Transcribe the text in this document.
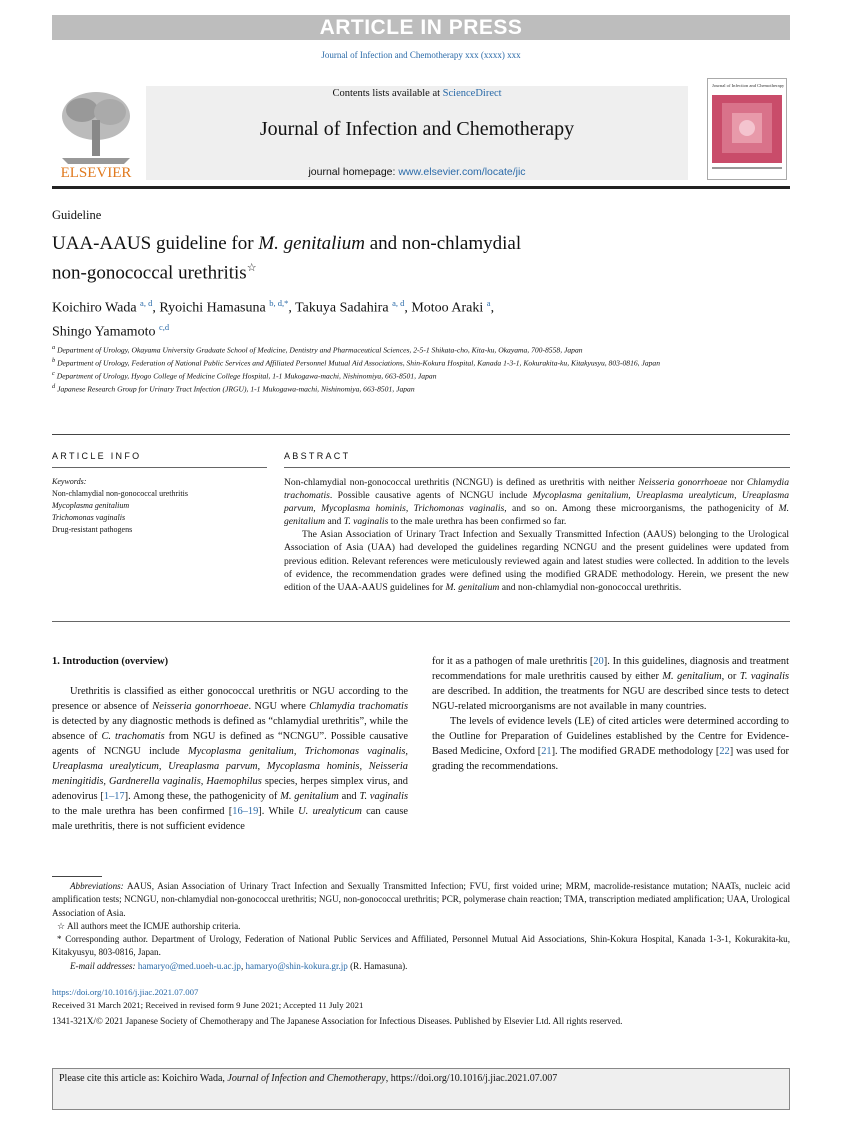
ARTICLE IN PRESS
Journal of Infection and Chemotherapy xxx (xxxx) xxx
ELSEVIER
Contents lists available at ScienceDirect
Journal of Infection and Chemotherapy
journal homepage: www.elsevier.com/locate/jic
Journal of Infection and Chemotherapy
Guideline
UAA-AAUS guideline for M. genitalium and non-chlamydial
non-gonococcal urethritis☆
Koichiro Wada $^{a, d}$, Ryoichi Hamasuna $^{b, d,*}$, Takuya Sadahira $^{a, d}$, Motoo Araki $^a$,
Shingo Yamamoto $^{c,d}$
$^a$ Department of Urology, Okayama University Graduate School of Medicine, Dentistry and Pharmaceutical Sciences, 2-5-1 Shikata-cho, Kita-ku, Okayama, 700-8558, Japan
$^b$ Department of Urology, Federation of National Public Services and Affiliated Personnel Mutual Aid Associations, Shin-Kokura Hospital, Kanada 1-3-1, Kokurakita-ku, Kitakyusyu, 803-0816, Japan
$^c$ Department of Urology, Hyogo College of Medicine College Hospital, 1-1 Mukogawa-machi, Nishinomiya, 663-8501, Japan
$^d$ Japanese Research Group for Urinary Tract Infection (JRGU), 1-1 Mukogawa-machi, Nishinomiya, 663-8501, Japan
ARTICLE INFO	ABSTRACT
Keywords:
Non-chlamydial non-gonococcal urethritis
Mycoplasma genitalium
Trichomonas vaginalis
Drug-resistant pathogens

Non-chlamydial non-gonococcal urethritis (NCNGU) is defined as urethritis with neither Neisseria gonorrhoeae nor Chlamydia trachomatis. Possible causative agents of NCNGU include Mycoplasma genitalium, Ureaplasma urealyticum, Ureaplasma parvum, Mycoplasma hominis, Trichomonas vaginalis, and so on. Among these microorganisms, the pathogenicity of M. genitalium and T. vaginalis to the male urethra has been confirmed so far.

The Asian Association of Urinary Tract Infection and Sexually Transmitted Infection (AAUS) belonging to the Urological Association of Asia (UAA) had developed the guidelines regarding NCNGU and the present guidelines were updated from previous edition. Relevant references were meticulously reviewed again and latest studies were collected. In addition to the levels of evidence, the recommendation grades were defined using the modified GRADE methodology. Herein, we present the new edition of the UAA-AAUS guidelines for M. genitalium and non-chlamydial non-gonococcal urethritis.

1. Introduction (overview)

Urethritis is classified as either gonococcal urethritis or NGU according to the presence or absence of Neisseria gonorrhoeae. NGU where Chlamydia trachomatis is detected by any diagnostic methods is defined as “chlamydial urethritis”, while the absence of C. trachomatis from NGU is defined as “NCNGU”. Possible causative agents of NCNGU include Mycoplasma genitalium, Trichomonas vaginalis, Ureaplasma urealyticum, Ureaplasma parvum, Mycoplasma hominis, Neisseria meningitidis, Gardnerella vaginalis, Haemophilus species, herpes simplex virus, and adenovirus [1–17]. Among these, the pathogenicity of M. genitalium and T. vaginalis to the male urethra has been confirmed [16–19]. While U. urealyticum can cause male urethritis, there is not sufficient evidence

for it as a pathogen of male urethritis [20]. In this guidelines, diagnosis and treatment recommendations for male urethritis caused by either M. genitalium, or T. vaginalis are described. In addition, the treatments for NGU are described since tests to detect NGU-related microorganisms are not available in many countries.

The levels of evidence levels (LE) of cited articles were determined according to the Outline for Preparation of Guidelines established by the Centre for Evidence-Based Medicine, Oxford [21]. The modified GRADE methodology [22] was used for grading the recommendations.

Abbreviations: AAUS, Asian Association of Urinary Tract Infection and Sexually Transmitted Infection; FVU, first voided urine; MRM, macrolide-resistance mutation; NAATs, nucleic acid amplification tests; NCNGU, non-chlamydial non-gonococcal urethritis; NGU, non-gonococcal urethritis; PCR, polymerase chain reaction; TMA, transcription mediated amplification; UAA, Urological Association of Asia.

☆ All authors meet the ICMJE authorship criteria.

* Corresponding author. Department of Urology, Federation of National Public Services and Affiliated, Personnel Mutual Aid Associations, Shin-Kokura Hospital, Kanada 1-3-1, Kokurakita-ku, Kitakyusyu, 803-0816, Japan.

E-mail addresses: hamaryo@med.uoeh-u.ac.jp, hamaryo@shin-kokura.gr.jp (R. Hamasuna).

https://doi.org/10.1016/j.jiac.2021.07.007
Received 31 March 2021; Received in revised form 9 June 2021; Accepted 11 July 2021
1341-321X/© 2021 Japanese Society of Chemotherapy and The Japanese Association for Infectious Diseases. Published by Elsevier Ltd. All rights reserved.
Please cite this article as: Koichiro Wada, Journal of Infection and Chemotherapy, https://doi.org/10.1016/j.jiac.2021.07.007
